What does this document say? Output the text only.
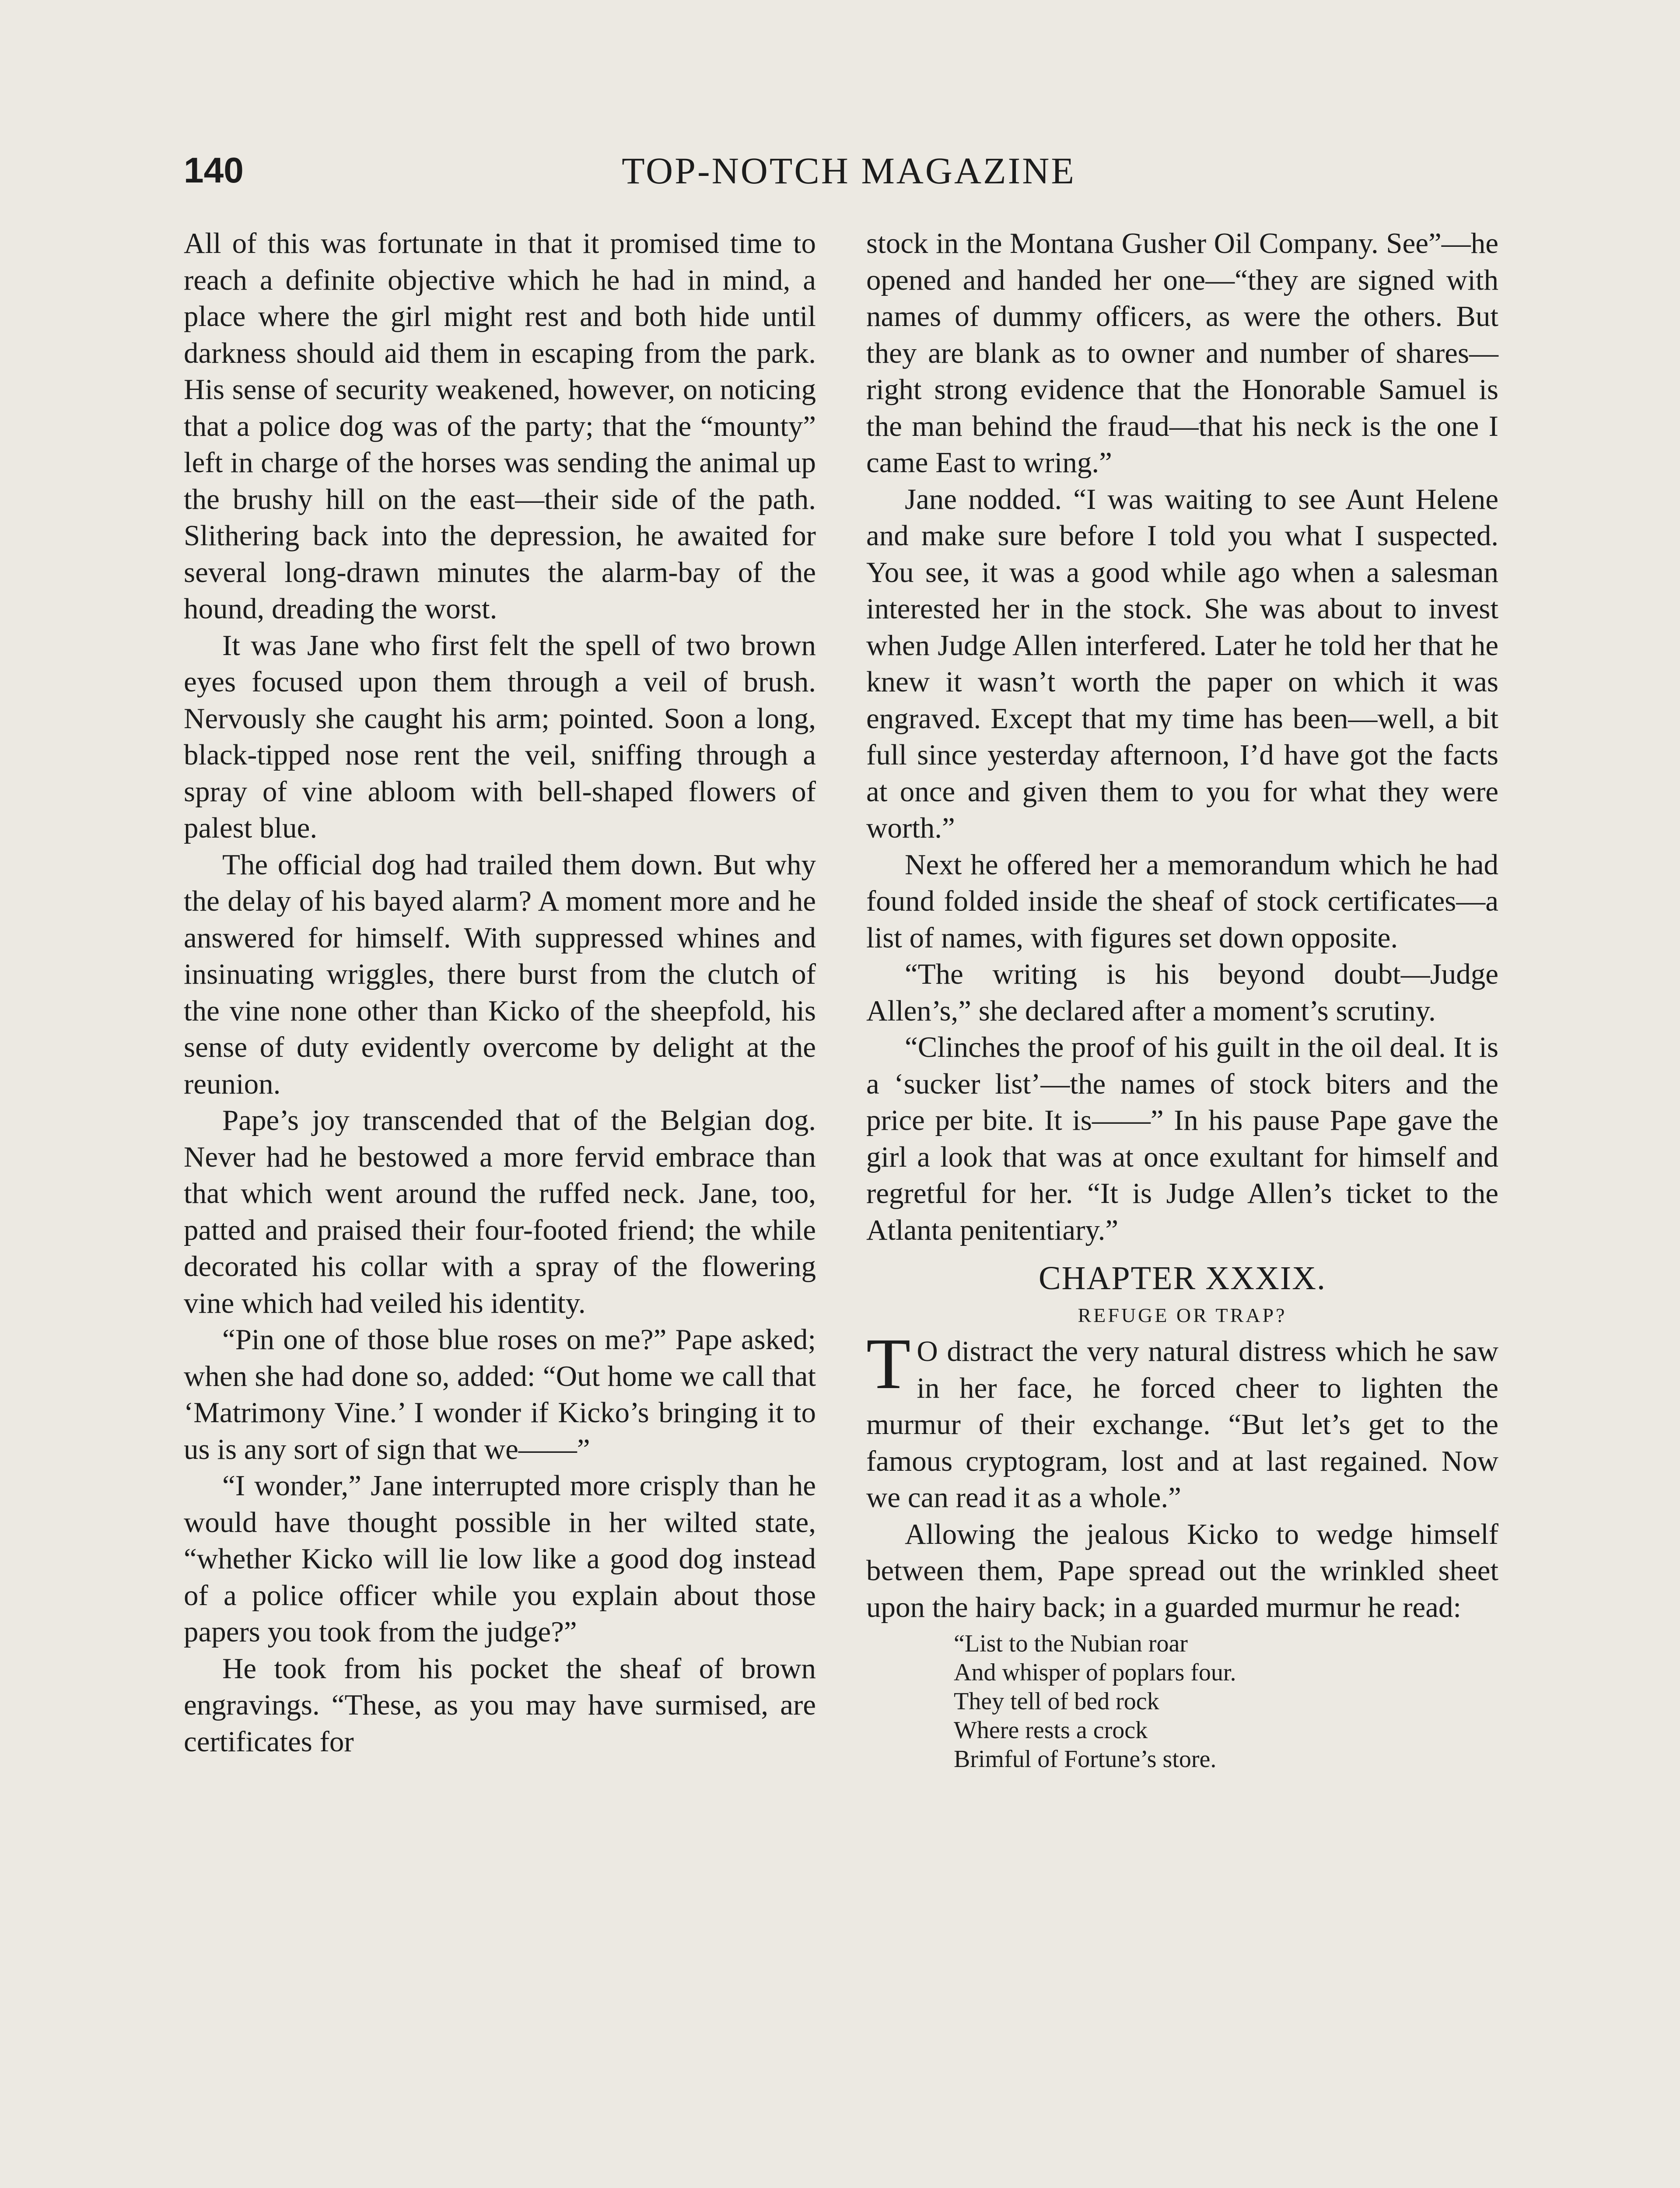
140	TOP-NOTCH MAGAZINE

All of this was fortunate in that it promised time to reach a definite objective which he had in mind, a place where the girl might rest and both hide until darkness should aid them in escaping from the park. His sense of security weakened, however, on noticing that a police dog was of the party; that the “mounty” left in charge of the horses was sending the animal up the brushy hill on the east—their side of the path. Slithering back into the depression, he awaited for several long-drawn minutes the alarm-bay of the hound, dreading the worst.

It was Jane who first felt the spell of two brown eyes focused upon them through a veil of brush. Nervously she caught his arm; pointed. Soon a long, black-tipped nose rent the veil, sniffing through a spray of vine abloom with bell-shaped flowers of palest blue.

The official dog had trailed them down. But why the delay of his bayed alarm? A moment more and he answered for himself. With suppressed whines and insinuating wriggles, there burst from the clutch of the vine none other than Kicko of the sheepfold, his sense of duty evidently overcome by delight at the reunion.

Pape’s joy transcended that of the Belgian dog. Never had he bestowed a more fervid embrace than that which went around the ruffed neck. Jane, too, patted and praised their four-footed friend; the while decorated his collar with a spray of the flowering vine which had veiled his identity.

“Pin one of those blue roses on me?” Pape asked; when she had done so, added: “Out home we call that ‘Matrimony Vine.’ I wonder if Kicko’s bringing it to us is any sort of sign that we——”

“I wonder,” Jane interrupted more crisply than he would have thought possible in her wilted state, “whether Kicko will lie low like a good dog instead of a police officer while you explain about those papers you took from the judge?”

He took from his pocket the sheaf of brown engravings. “These, as you may have surmised, are certificates for

stock in the Montana Gusher Oil Company. See”—he opened and handed her one—“they are signed with names of dummy officers, as were the others. But they are blank as to owner and number of shares—right strong evidence that the Honorable Samuel is the man behind the fraud—that his neck is the one I came East to wring.”

Jane nodded. “I was waiting to see Aunt Helene and make sure before I told you what I suspected. You see, it was a good while ago when a salesman interested her in the stock. She was about to invest when Judge Allen interfered. Later he told her that he knew it wasn’t worth the paper on which it was engraved. Except that my time has been—well, a bit full since yesterday afternoon, I’d have got the facts at once and given them to you for what they were worth.”

Next he offered her a memorandum which he had found folded inside the sheaf of stock certificates—a list of names, with figures set down opposite.

“The writing is his beyond doubt—Judge Allen’s,” she declared after a moment’s scrutiny.

“Clinches the proof of his guilt in the oil deal. It is a ‘sucker list’—the names of stock biters and the price per bite. It is——” In his pause Pape gave the girl a look that was at once exultant for himself and regretful for her. “It is Judge Allen’s ticket to the Atlanta penitentiary.”

CHAPTER XXXIX.
REFUGE OR TRAP?

T O distract the very natural distress which he saw in her face, he forced cheer to lighten the murmur of their exchange. “But let’s get to the famous cryptogram, lost and at last regained. Now we can read it as a whole.”

Allowing the jealous Kicko to wedge himself between them, Pape spread out the wrinkled sheet upon the hairy back; in a guarded murmur he read:

“List to the Nubian roar
And whisper of poplars four.
They tell of bed rock
Where rests a crock
Brimful of Fortune’s store.
